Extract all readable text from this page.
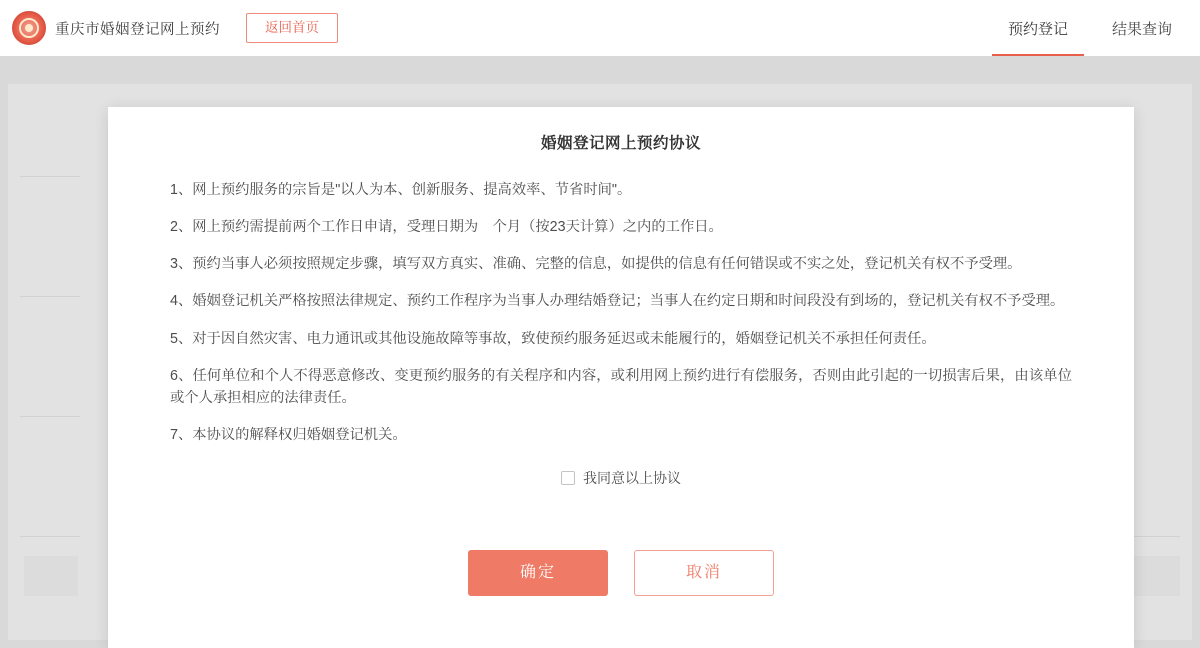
重庆市婚姻登记网上预约	返回首页	预约登记	结果查询
婚姻登记网上预约协议
1、网上预约服务的宗旨是"以人为本、创新服务、提高效率、节省时间"。
2、网上预约需提前两个工作日申请，受理日期为　个月（按23天计算）之内的工作日。
3、预约当事人必须按照规定步骤，填写双方真实、准确、完整的信息，如提供的信息有任何错误或不实之处，登记机关有权不予受理。
4、婚姻登记机关严格按照法律规定、预约工作程序为当事人办理结婚登记；当事人在约定日期和时间段没有到场的，登记机关有权不予受理。
5、对于因自然灾害、电力通讯或其他设施故障等事故，致使预约服务延迟或未能履行的，婚姻登记机关不承担任何责任。
6、任何单位和个人不得恶意修改、变更预约服务的有关程序和内容，或利用网上预约进行有偿服务，否则由此引起的一切损害后果，由该单位或个人承担相应的法律责任。
7、本协议的解释权归婚姻登记机关。
我同意以上协议
确定	取消
